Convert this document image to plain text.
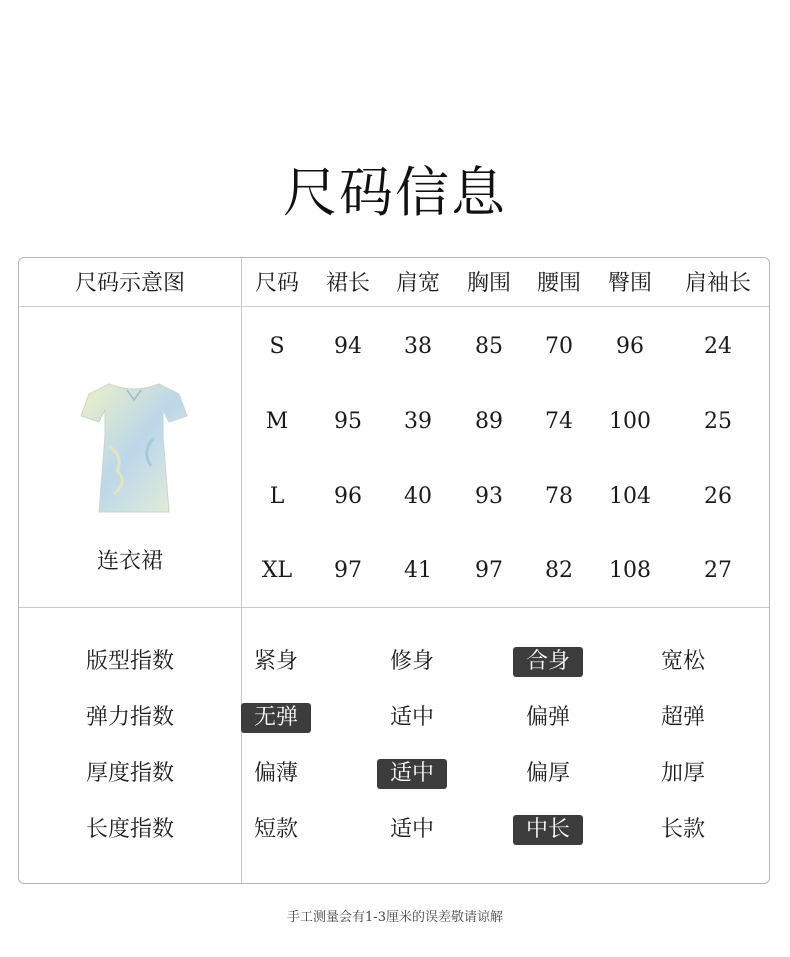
尺码信息
尺码示意图
连衣裙
尺码	裙长	肩宽	胸围	腰围	臀围	肩袖长
S	94	38	85	70	96	24
M	95	39	89	74	100	25
L	96	40	93	78	104	26
XL	97	41	97	82	108	27
版型指数	紧身	修身	合身	宽松
弹力指数	无弹	适中	偏弹	超弹
厚度指数	偏薄	适中	偏厚	加厚
长度指数	短款	适中	中长	长款
手工测量会有1-3厘米的误差敬请谅解
